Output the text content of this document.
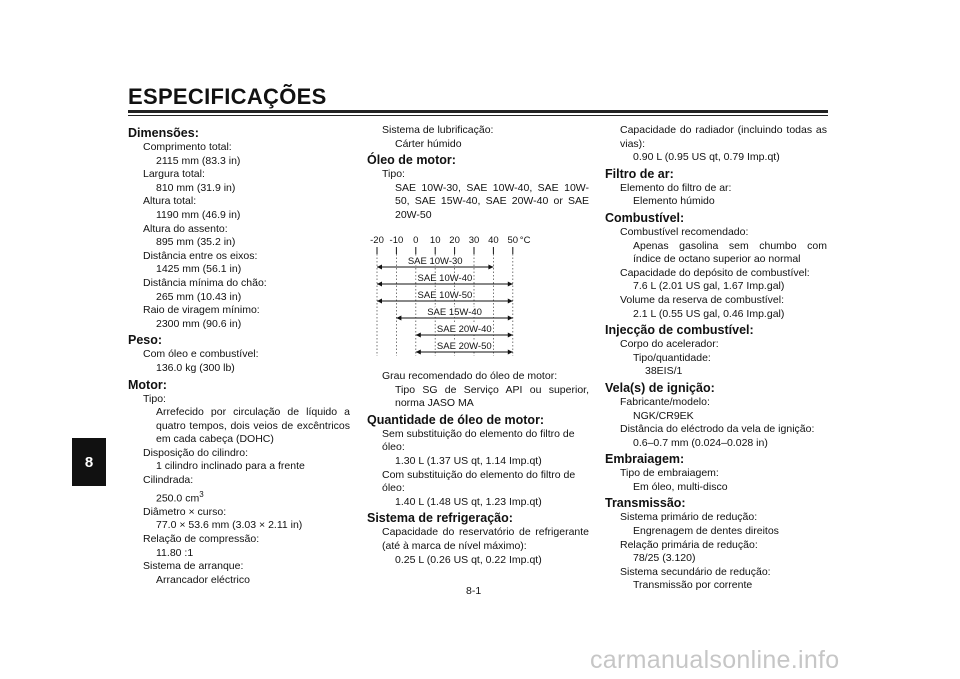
ESPECIFICAÇÕES
8
Dimensões:
Comprimento total:
2115 mm (83.3 in)
Largura total:
810 mm (31.9 in)
Altura total:
1190 mm (46.9 in)
Altura do assento:
895 mm (35.2 in)
Distância entre os eixos:
1425 mm (56.1 in)
Distância mínima do chão:
265 mm (10.43 in)
Raio de viragem mínimo:
2300 mm (90.6 in)
Peso:
Com óleo e combustível:
136.0 kg (300 lb)
Motor:
Tipo:
Arrefecido por circulação de líquido a quatro tempos, dois veios de excêntricos em cada cabeça (DOHC)
Disposição do cilindro:
1 cilindro inclinado para a frente
Cilindrada:
250.0 $cm^3$
Diâmetro × curso:
77.0 × 53.6 mm (3.03 × 2.11 in)
Relação de compressão:
11.80 :1
Sistema de arranque:
Arrancador eléctrico
Sistema de lubrificação:
Cárter húmido
Óleo de motor:
Tipo:
SAE 10W-30, SAE 10W-40, SAE 10W-50, SAE 15W-40, SAE 20W-40 or SAE 20W-50
Grau recomendado do óleo de motor:
Tipo SG de Serviço API ou superior, norma JASO MA
Quantidade de óleo de motor:
Sem substituição do elemento do filtro de óleo:
1.30 L (1.37 US qt, 1.14 Imp.qt)
Com substituição do elemento do filtro de óleo:
1.40 L (1.48 US qt, 1.23 Imp.qt)
Sistema de refrigeração:
Capacidade do reservatório de refrigerante (até à marca de nível máximo):
0.25 L (0.26 US qt, 0.22 Imp.qt)
-20 -10 0 10 20 30 40 50
SAE 10W-30
SAE 10W-40
SAE 10W-50
SAE 15W-40
SAE 20W-40
SAE 20W-50
°C
Capacidade do radiador (incluindo todas as vias):
0.90 L (0.95 US qt, 0.79 Imp.qt)
Filtro de ar:
Elemento do filtro de ar:
Elemento húmido
Combustível:
Combustível recomendado:
Apenas gasolina sem chumbo com índice de octano superior ao normal
Capacidade do depósito de combustível:
7.6 L (2.01 US gal, 1.67 Imp.gal)
Volume da reserva de combustível:
2.1 L (0.55 US gal, 0.46 Imp.gal)
Injecção de combustível:
Corpo do acelerador:
Tipo/quantidade:
38EIS/1
Vela(s) de ignição:
Fabricante/modelo:
NGK/CR9EK
Distância do eléctrodo da vela de ignição:
0.6–0.7 mm (0.024–0.028 in)
Embraiagem:
Tipo de embraiagem:
Em óleo, multi-disco
Transmissão:
Sistema primário de redução:
Engrenagem de dentes direitos
Relação primária de redução:
78/25 (3.120)
Sistema secundário de redução:
Transmissão por corrente
8-1
carmanualsonline.info
